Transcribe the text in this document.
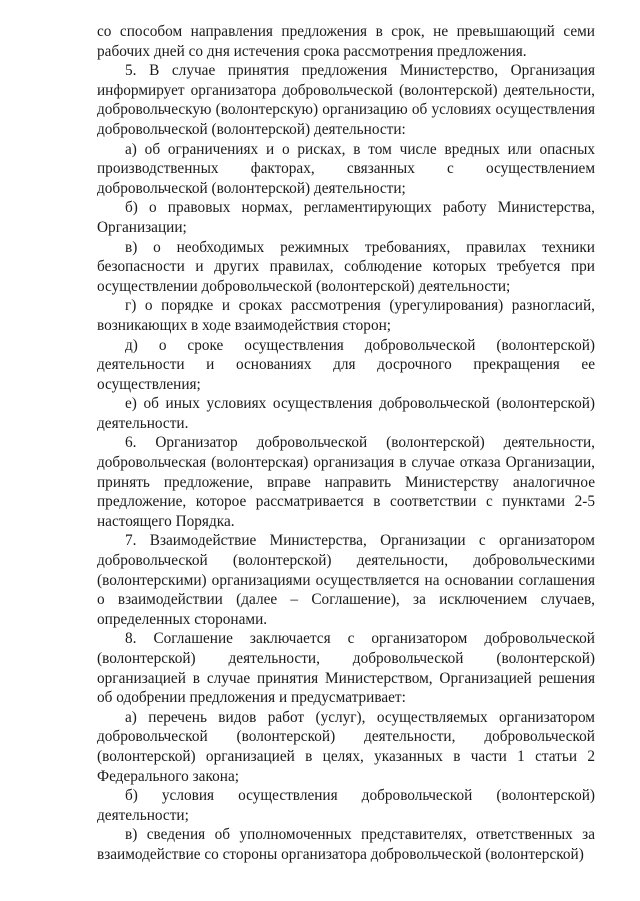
со способом направления предложения в срок, не превышающий семи рабочих дней со дня истечения срока рассмотрения предложения.

5. В случае принятия предложения Министерство, Организация информирует организатора добровольческой (волонтерской) деятельности, добровольческую (волонтерскую) организацию об условиях осуществления добровольческой (волонтерской) деятельности:

а) об ограничениях и о рисках, в том числе вредных или опасных производственных факторах, связанных с осуществлением добровольческой (волонтерской) деятельности;

б) о правовых нормах, регламентирующих работу Министерства, Организации;

в) о необходимых режимных требованиях, правилах техники безопасности и других правилах, соблюдение которых требуется при осуществлении добровольческой (волонтерской) деятельности;

г) о порядке и сроках рассмотрения (урегулирования) разногласий, возникающих в ходе взаимодействия сторон;

д) о сроке осуществления добровольческой (волонтерской) деятельности и основаниях для досрочного прекращения ее осуществления;

е) об иных условиях осуществления добровольческой (волонтерской) деятельности.

6. Организатор добровольческой (волонтерской) деятельности, добровольческая (волонтерская) организация в случае отказа Организации, принять предложение, вправе направить Министерству аналогичное предложение, которое рассматривается в соответствии с пунктами 2-5 настоящего Порядка.

7. Взаимодействие Министерства, Организации с организатором добровольческой (волонтерской) деятельности, добровольческими (волонтерскими) организациями осуществляется на основании соглашения о взаимодействии (далее – Соглашение), за исключением случаев, определенных сторонами.

8. Соглашение заключается с организатором добровольческой (волонтерской) деятельности, добровольческой (волонтерской) организацией в случае принятия Министерством, Организацией решения об одобрении предложения и предусматривает:

а) перечень видов работ (услуг), осуществляемых организатором добровольческой (волонтерской) деятельности, добровольческой (волонтерской) организацией в целях, указанных в части 1 статьи 2 Федерального закона;

б) условия осуществления добровольческой (волонтерской) деятельности;

в) сведения об уполномоченных представителях, ответственных за взаимодействие со стороны организатора добровольческой (волонтерской)
